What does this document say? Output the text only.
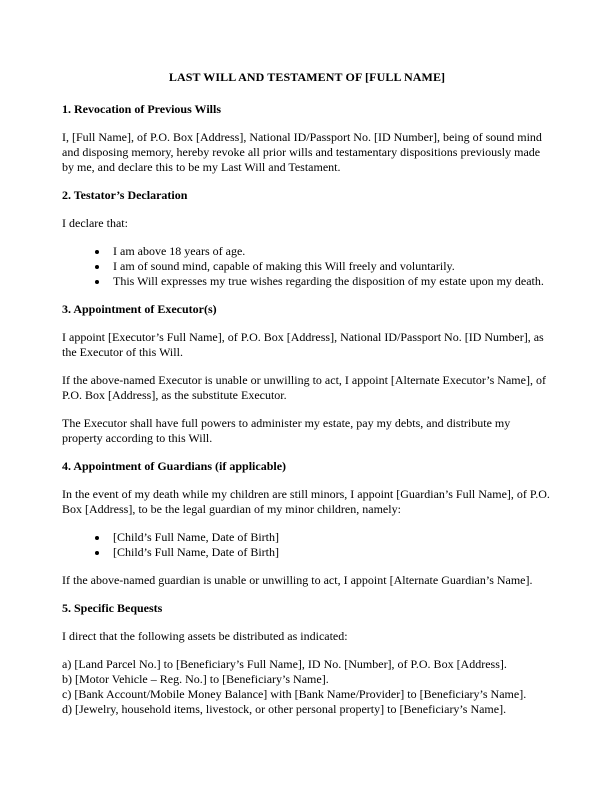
LAST WILL AND TESTAMENT OF [FULL NAME]
1. Revocation of Previous Wills

I, [Full Name], of P.O. Box [Address], National ID/Passport No. [ID Number], being of sound mind and disposing memory, hereby revoke all prior wills and testamentary dispositions previously made by me, and declare this to be my Last Will and Testament.

2. Testator’s Declaration

I declare that:

• I am above 18 years of age.
• I am of sound mind, capable of making this Will freely and voluntarily.
• This Will expresses my true wishes regarding the disposition of my estate upon my death.
3. Appointment of Executor(s)

I appoint [Executor’s Full Name], of P.O. Box [Address], National ID/Passport No. [ID Number], as the Executor of this Will.

If the above-named Executor is unable or unwilling to act, I appoint [Alternate Executor’s Name], of P.O. Box [Address], as the substitute Executor.

The Executor shall have full powers to administer my estate, pay my debts, and distribute my property according to this Will.

4. Appointment of Guardians (if applicable)

In the event of my death while my children are still minors, I appoint [Guardian’s Full Name], of P.O. Box [Address], to be the legal guardian of my minor children, namely:

• [Child’s Full Name, Date of Birth]
• [Child’s Full Name, Date of Birth]

If the above-named guardian is unable or unwilling to act, I appoint [Alternate Guardian’s Name].

5. Specific Bequests

I direct that the following assets be distributed as indicated:

a) [Land Parcel No.] to [Beneficiary’s Full Name], ID No. [Number], of P.O. Box [Address].
b) [Motor Vehicle – Reg. No.] to [Beneficiary’s Name].
c) [Bank Account/Mobile Money Balance] with [Bank Name/Provider] to [Beneficiary’s Name].
d) [Jewelry, household items, livestock, or other personal property] to [Beneficiary’s Name].
